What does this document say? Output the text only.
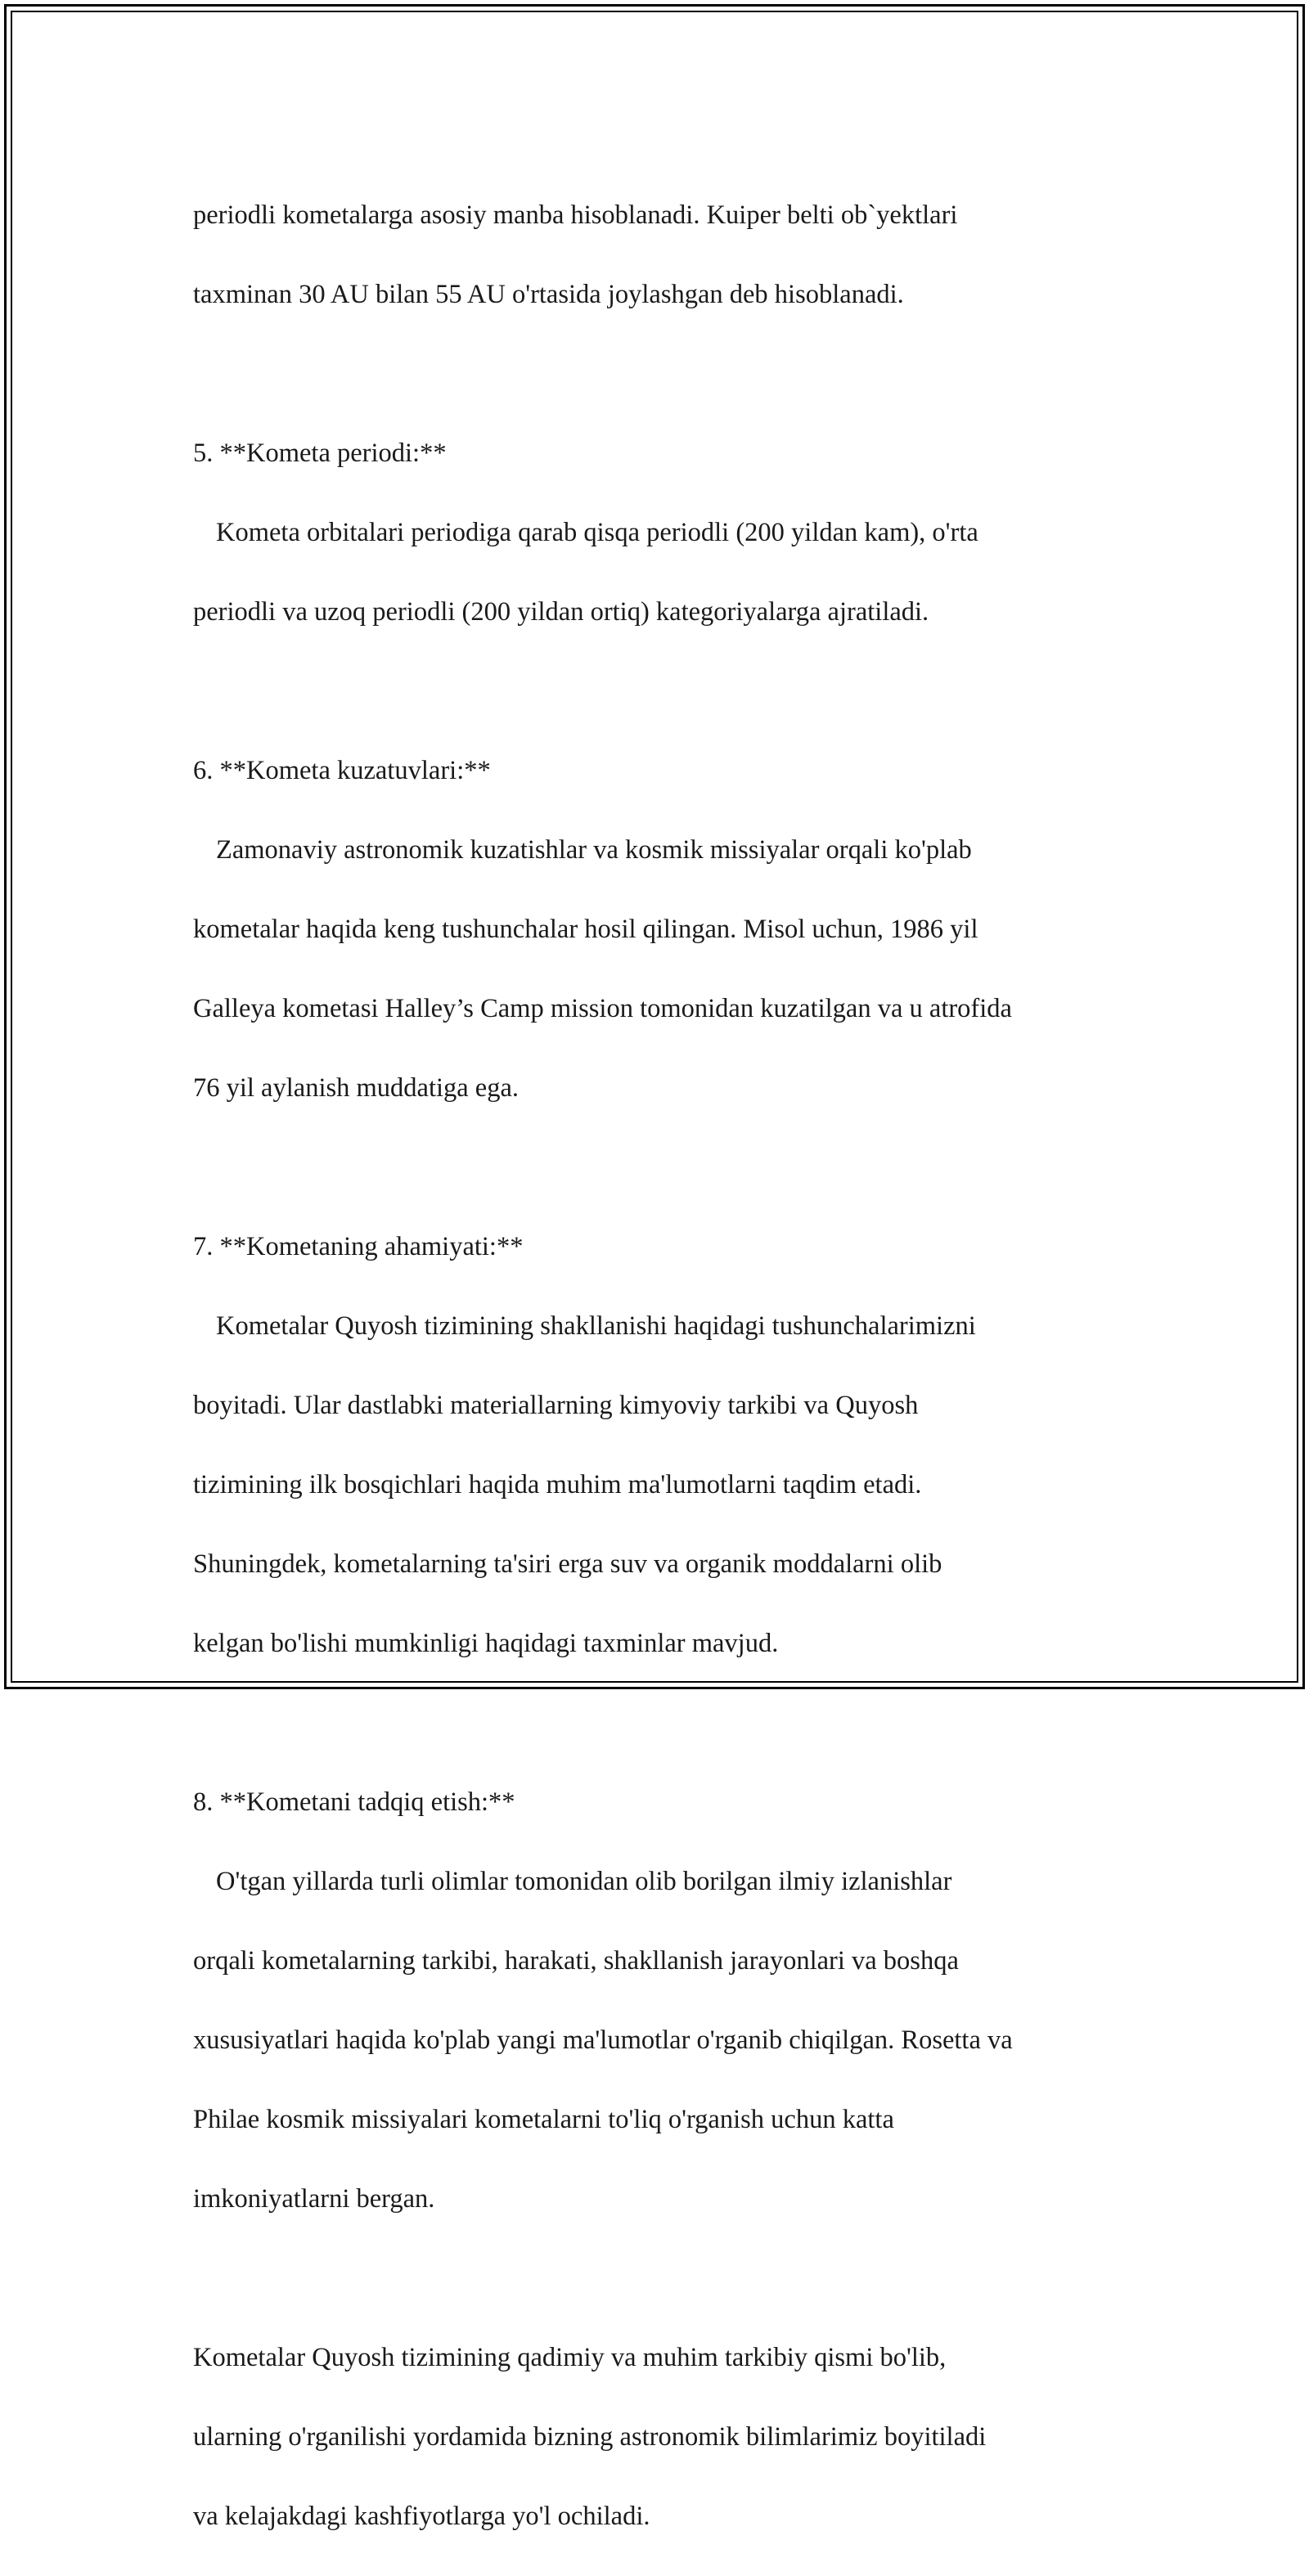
periodli kometalarga asosiy manba hisoblanadi. Kuiper belti ob`yektlari

taxminan 30 AU bilan 55 AU o'rtasida joylashgan deb hisoblanadi.

5. **Kometa periodi:**

Kometa orbitalari periodiga qarab qisqa periodli (200 yildan kam), o'rta

periodli va uzoq periodli (200 yildan ortiq) kategoriyalarga ajratiladi.

6. **Kometa kuzatuvlari:**

Zamonaviy astronomik kuzatishlar va kosmik missiyalar orqali ko'plab

kometalar haqida keng tushunchalar hosil qilingan. Misol uchun, 1986 yil

Galleya kometasi Halley’s Camp mission tomonidan kuzatilgan va u atrofida

76 yil aylanish muddatiga ega.

7. **Kometaning ahamiyati:**

Kometalar Quyosh tizimining shakllanishi haqidagi tushunchalarimizni

boyitadi. Ular dastlabki materiallarning kimyoviy tarkibi va Quyosh

tizimining ilk bosqichlari haqida muhim ma'lumotlarni taqdim etadi.

Shuningdek, kometalarning ta'siri erga suv va organik moddalarni olib

kelgan bo'lishi mumkinligi haqidagi taxminlar mavjud.

8. **Kometani tadqiq etish:**

O'tgan yillarda turli olimlar tomonidan olib borilgan ilmiy izlanishlar

orqali kometalarning tarkibi, harakati, shakllanish jarayonlari va boshqa

xususiyatlari haqida ko'plab yangi ma'lumotlar o'rganib chiqilgan. Rosetta va

Philae kosmik missiyalari kometalarni to'liq o'rganish uchun katta

imkoniyatlarni bergan.

Kometalar Quyosh tizimining qadimiy va muhim tarkibiy qismi bo'lib,

ularning o'rganilishi yordamida bizning astronomik bilimlarimiz boyitiladi

va kelajakdagi kashfiyotlarga yo'l ochiladi.
